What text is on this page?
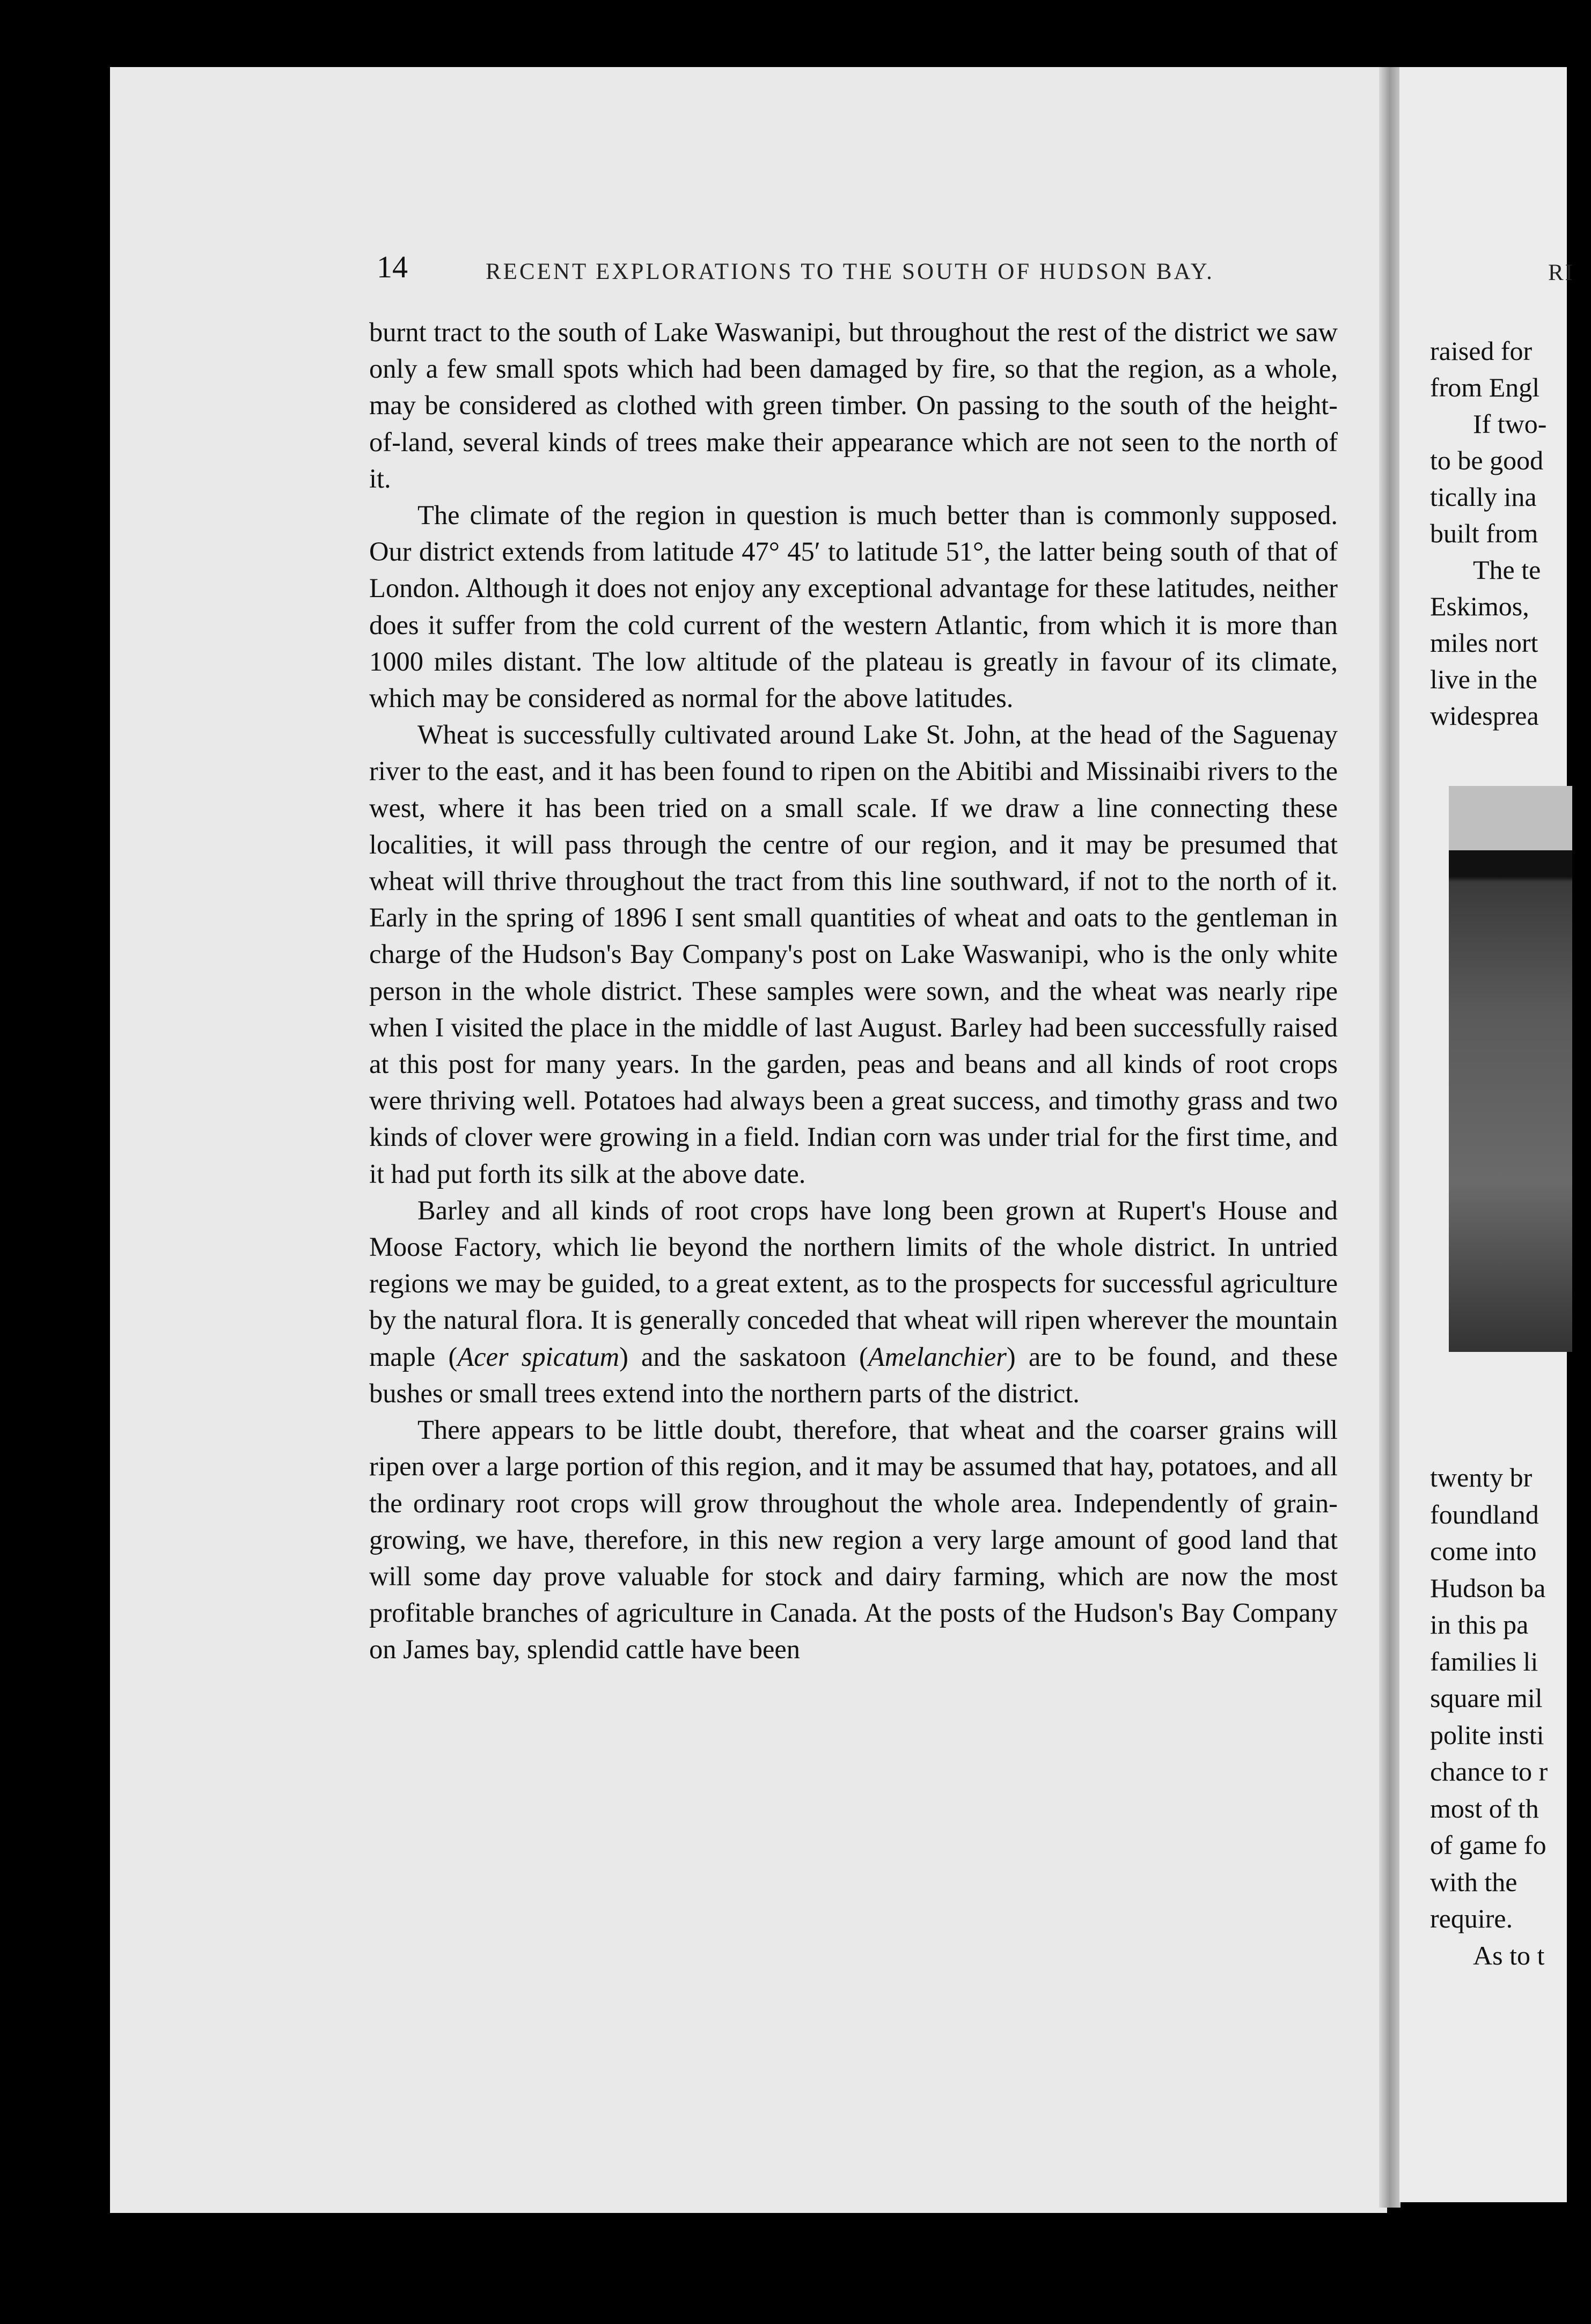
14	RECENT EXPLORATIONS TO THE SOUTH OF HUDSON BAY.

burnt tract to the south of Lake Waswanipi, but throughout the rest of the district we saw only a few small spots which had been damaged by fire, so that the region, as a whole, may be considered as clothed with green timber. On passing to the south of the height-of-land, several kinds of trees make their appearance which are not seen to the north of it.

The climate of the region in question is much better than is commonly supposed. Our district extends from latitude 47° 45′ to latitude 51°, the latter being south of that of London. Although it does not enjoy any exceptional advantage for these latitudes, neither does it suffer from the cold current of the western Atlantic, from which it is more than 1000 miles distant. The low altitude of the plateau is greatly in favour of its climate, which may be considered as normal for the above latitudes.

Wheat is successfully cultivated around Lake St. John, at the head of the Saguenay river to the east, and it has been found to ripen on the Abitibi and Missinaibi rivers to the west, where it has been tried on a small scale. If we draw a line connecting these localities, it will pass through the centre of our region, and it may be presumed that wheat will thrive throughout the tract from this line southward, if not to the north of it. Early in the spring of 1896 I sent small quantities of wheat and oats to the gentleman in charge of the Hudson's Bay Company's post on Lake Waswanipi, who is the only white person in the whole district. These samples were sown, and the wheat was nearly ripe when I visited the place in the middle of last August. Barley had been successfully raised at this post for many years. In the garden, peas and beans and all kinds of root crops were thriving well. Potatoes had always been a great success, and timothy grass and two kinds of clover were growing in a field. Indian corn was under trial for the first time, and it had put forth its silk at the above date.

Barley and all kinds of root crops have long been grown at Rupert's House and Moose Factory, which lie beyond the northern limits of the whole district. In untried regions we may be guided, to a great extent, as to the prospects for successful agriculture by the natural flora. It is generally conceded that wheat will ripen wherever the mountain maple (Acer spicatum) and the saskatoon (Amelanchier) are to be found, and these bushes or small trees extend into the northern parts of the district.

There appears to be little doubt, therefore, that wheat and the coarser grains will ripen over a large portion of this region, and it may be assumed that hay, potatoes, and all the ordinary root crops will grow throughout the whole area. Independently of grain-growing, we have, therefore, in this new region a very large amount of good land that will some day prove valuable for stock and dairy farming, which are now the most profitable branches of agriculture in Canada. At the posts of the Hudson's Bay Company on James bay, splendid cattle have been

RI
raised for
from Engl
If two-
to be good
tically ina
built from
The te
Eskimos,
miles nort
live in the
widesprea
twenty br
foundland
come into
Hudson ba
in this pa
families li
square mil
polite insti
chance to r
most of th
of game fo
with the
require.
As to t
